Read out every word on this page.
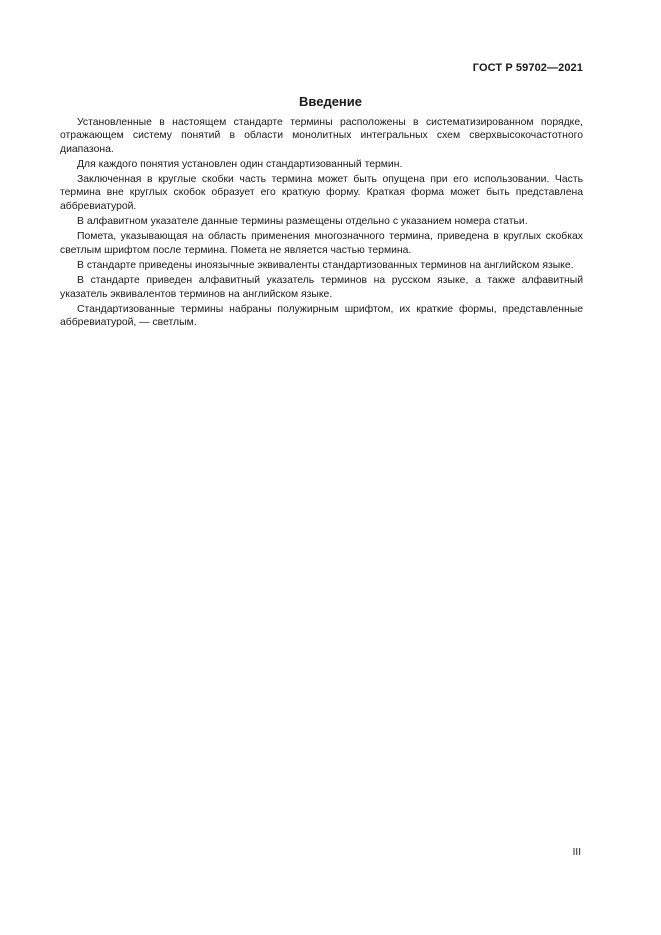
ГОСТ Р 59702—2021
Введение

Установленные в настоящем стандарте термины расположены в систематизированном порядке, отражающем систему понятий в области монолитных интегральных схем сверхвысокочастотного диапазона.

Для каждого понятия установлен один стандартизованный термин.

Заключенная в круглые скобки часть термина может быть опущена при его использовании. Часть термина вне круглых скобок образует его краткую форму. Краткая форма может быть представлена аббревиатурой.

В алфавитном указателе данные термины размещены отдельно с указанием номера статьи.

Помета, указывающая на область применения многозначного термина, приведена в круглых скобках светлым шрифтом после термина. Помета не является частью термина.

В стандарте приведены иноязычные эквиваленты стандартизованных терминов на английском языке.

В стандарте приведен алфавитный указатель терминов на русском языке, а также алфавитный указатель эквивалентов терминов на английском языке.

Стандартизованные термины набраны полужирным шрифтом, их краткие формы, представленные аббревиатурой, — светлым.

III
